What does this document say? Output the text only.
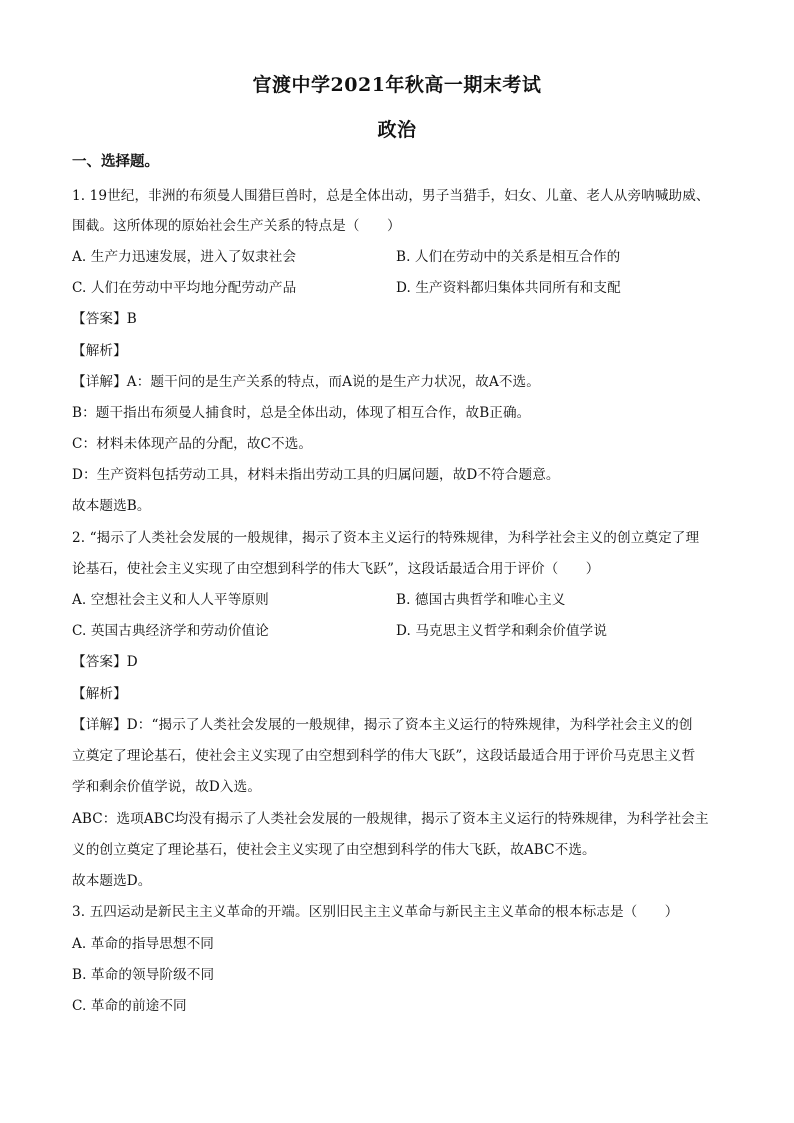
官渡中学2021年秋高一期末考试
政治
一、选择题。
1. 19世纪，非洲的布须曼人围猎巨兽时，总是全体出动，男子当猎手，妇女、儿童、老人从旁呐喊助威、
围截。这所体现的原始社会生产关系的特点是（　　）
A. 生产力迅速发展，进入了奴隶社会	B. 人们在劳动中的关系是相互合作的
C. 人们在劳动中平均地分配劳动产品	D. 生产资料都归集体共同所有和支配
【答案】B
【解析】
【详解】A：题干问的是生产关系的特点，而A说的是生产力状况，故A不选。
B：题干指出布须曼人捕食时，总是全体出动，体现了相互合作，故B正确。
C：材料未体现产品的分配，故C不选。
D：生产资料包括劳动工具，材料未指出劳动工具的归属问题，故D不符合题意。
故本题选B。
2. “揭示了人类社会发展的一般规律，揭示了资本主义运行的特殊规律，为科学社会主义的创立奠定了理
论基石，使社会主义实现了由空想到科学的伟大飞跃”，这段话最适合用于评价（　　）
A. 空想社会主义和人人平等原则	B. 德国古典哲学和唯心主义
C. 英国古典经济学和劳动价值论	D. 马克思主义哲学和剩余价值学说
【答案】D
【解析】
【详解】D：“揭示了人类社会发展的一般规律，揭示了资本主义运行的特殊规律，为科学社会主义的创
立奠定了理论基石，使社会主义实现了由空想到科学的伟大飞跃”，这段话最适合用于评价马克思主义哲
学和剩余价值学说，故D入选。
ABC：选项ABC均没有揭示了人类社会发展的一般规律，揭示了资本主义运行的特殊规律，为科学社会主
义的创立奠定了理论基石，使社会主义实现了由空想到科学的伟大飞跃，故ABC不选。
故本题选D。
3. 五四运动是新民主主义革命的开端。区别旧民主主义革命与新民主主义革命的根本标志是（　　）
A. 革命的指导思想不同
B. 革命的领导阶级不同
C. 革命的前途不同
